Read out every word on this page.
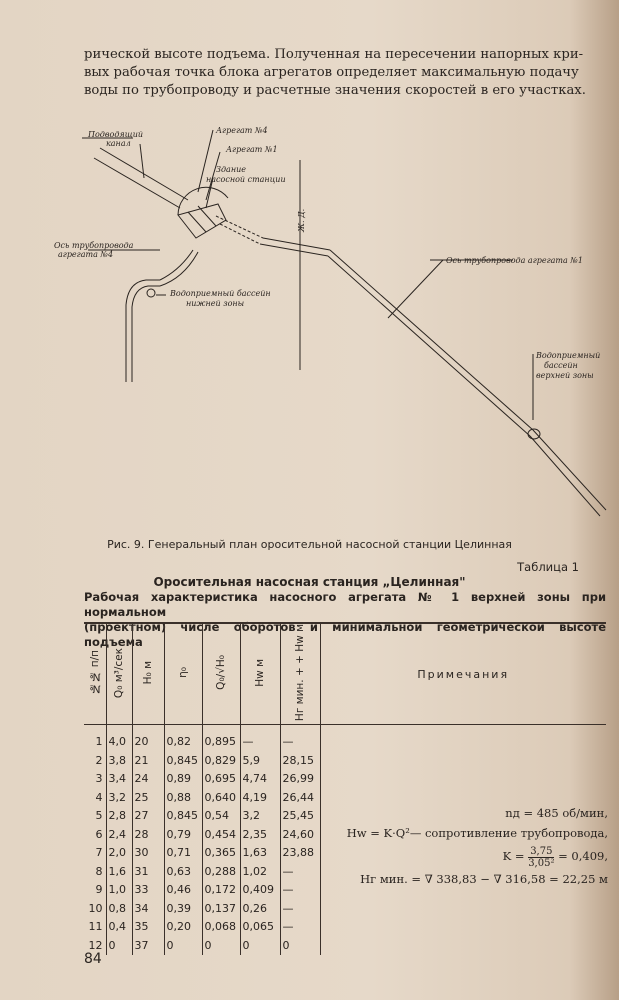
рической высоте подъема. Полученная на пересечении напорных кри-
вых рабочая точка блока агрегатов определяет максимальную подачу
воды по трубопроводу и расчетные значения скоростей в его участках.
Подводящий
канал
Агрегат №4
Агрегат №1
Здание
насосной станции
Ось трубопровода
агрегата №4
Водоприемный бассейн
нижней зоны
Ж. Д.
Ось трубопровода агрегата №1
Водоприемный
бассейн
верхней зоны
Рис. 9. Генеральный план оросительной насосной станции Целинная
Таблица 1
Оросительная насосная станция „Целинная"
Рабочая характеристика насосного агрегата № 1 верхней зоны при нормальном
(проектном) числе оборотов и минимальной геометрической высоте подъема
№№ п/п	Q₀ м³/сек	H₀ м	η₀	Q₀/√H₀	Hw м	Hг мин. + + Hw м	Примечания
1	4,0	20	0,82	0,895	—	—	
2	3,8	21	0,845	0,829	5,9	28,15	
3	3,4	24	0,89	0,695	4,74	26,99	
4	3,2	25	0,88	0,640	4,19	26,44	
5	2,8	27	0,845	0,54	3,2	25,45	
6	2,4	28	0,79	0,454	2,35	24,60	
7	2,0	30	0,71	0,365	1,63	23,88	
8	1,6	31	0,63	0,288	1,02	—	
9	1,0	33	0,46	0,172	0,409	—	
10	0,8	34	0,39	0,137	0,26	—	
11	0,4	35	0,20	0,068	0,065	—	
12	0	37	0	0	0	0	
nд = 485 об/мин,
Hw = K·Q²— сопротивление трубопровода,
$K = \frac{3,75}{\text{3,05²}} = 0,409$,
Hг мин. = ∇ 338,83 − ∇ 316,58 = 22,25 м
84
